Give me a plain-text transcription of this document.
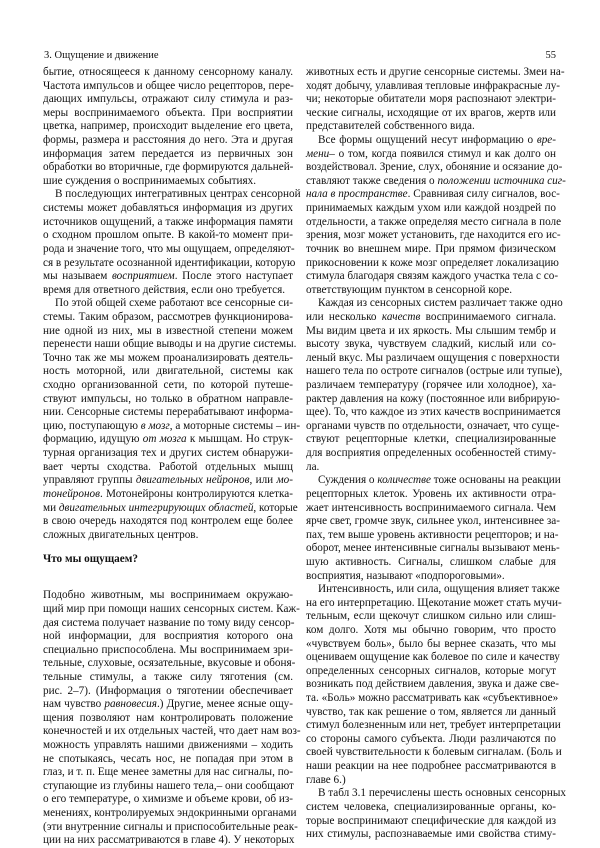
3. Ощущение и движение	55
бытие, относящееся к данному сенсорному каналу.
Частота импульсов и общее число рецепторов, пере-
дающих импульсы, отражают силу стимула и раз-
меры воспринимаемого объекта. При восприятии
цветка, например, происходит выделение его цвета,
формы, размера и расстояния до него. Эта и другая
информация затем передается из первичных зон
обработки во вторичные, где формируются дальней-
шие суждения о воспринимаемых событиях.
В последующих интегративных центрах сенсорной
системы может добавляться информация из других
источников ощущений, а также информация памяти
о сходном прошлом опыте. В какой-то момент при-
рода и значение того, что мы ощущаем, определяют-
ся в результате осознанной идентификации, которую
мы называем восприятием. После этого наступает
время для ответного действия, если оно требуется.
По этой общей схеме работают все сенсорные си-
стемы. Таким образом, рассмотрев функционирова-
ние одной из них, мы в известной степени можем
перенести наши общие выводы и на другие системы.
Точно так же мы можем проанализировать деятель-
ность моторной, или двигательной, системы как
сходно организованной сети, по которой путеше-
ствуют импульсы, но только в обратном направле-
нии. Сенсорные системы перерабатывают информа-
цию, поступающую в мозг, а моторные системы – ин-
формацию, идущую от мозга к мышцам. Но струк-
турная организация тех и других систем обнаружи-
вает черты сходства. Работой отдельных мышц
управляют группы двигательных нейронов, или мо-
тонейронов. Мотонейроны контролируются клетка-
ми двигательных интегрирующих областей, которые
в свою очередь находятся под контролем еще более
сложных двигательных центров.
Что мы ощущаем?
Подобно животным, мы воспринимаем окружаю-
щий мир при помощи наших сенсорных систем. Каж-
дая система получает название по тому виду сенсор-
ной информации, для восприятия которого она
специально приспособлена. Мы воспринимаем зри-
тельные, слуховые, осязательные, вкусовые и обоня-
тельные стимулы, а также силу тяготения (см.
рис. 2–7). (Информация о тяготении обеспечивает
нам чувство равновесия.) Другие, менее ясные ощу-
щения позволяют нам контролировать положение
конечностей и их отдельных частей, что дает нам воз-
можность управлять нашими движениями – ходить
не спотыкаясь, чесать нос, не попадая при этом в
глаз, и т. п. Еще менее заметны для нас сигналы, по-
ступающие из глубины нашего тела,– они сообщают
о его температуре, о химизме и объеме крови, об из-
менениях, контролируемых эндокринными органами
(эти внутренние сигналы и приспособительные реак-
ции на них рассматриваются в главе 4). У некоторых
животных есть и другие сенсорные системы. Змеи на-
ходят добычу, улавливая тепловые инфракрасные лу-
чи; некоторые обитатели моря распознают электри-
ческие сигналы, исходящие от их врагов, жертв или
представителей собственного вида.
Все формы ощущений несут информацию о вре-
мени– о том, когда появился стимул и как долго он
воздействовал. Зрение, слух, обоняние и осязание до-
ставляют также сведения о положении источника сиг-
нала в пространстве. Сравнивая силу сигналов, вос-
принимаемых каждым ухом или каждой ноздрей по
отдельности, а также определяя место сигнала в поле
зрения, мозг может установить, где находится его ис-
точник во внешнем мире. При прямом физическом
прикосновении к коже мозг определяет локализацию
стимула благодаря связям каждого участка тела с со-
ответствующим пунктом в сенсорной коре.
Каждая из сенсорных систем различает также одно
или несколько качеств воспринимаемого сигнала.
Мы видим цвета и их яркость. Мы слышим тембр и
высоту звука, чувствуем сладкий, кислый или со-
леный вкус. Мы различаем ощущения с поверхности
нашего тела по остроте сигналов (острые или тупые),
различаем температуру (горячее или холодное), ха-
рактер давления на кожу (постоянное или вибрирую-
щее). То, что каждое из этих качеств воспринимается
органами чувств по отдельности, означает, что суще-
ствуют рецепторные клетки, специализированные
для восприятия определенных особенностей стиму-
ла.
Суждения о количестве тоже основаны на реакции
рецепторных клеток. Уровень их активности отра-
жает интенсивность воспринимаемого сигнала. Чем
ярче свет, громче звук, сильнее укол, интенсивнее за-
пах, тем выше уровень активности рецепторов; и на-
оборот, менее интенсивные сигналы вызывают мень-
шую активность. Сигналы, слишком слабые для
восприятия, называют «подпороговыми».
Интенсивность, или сила, ощущения влияет также
на его интерпретацию. Щекотание может стать мучи-
тельным, если щекочут слишком сильно или слиш-
ком долго. Хотя мы обычно говорим, что просто
«чувствуем боль», было бы вернее сказать, что мы
оцениваем ощущение как болевое по силе и качеству
определенных сенсорных сигналов, которые могут
возникать под действием давления, звука и даже све-
та. «Боль» можно рассматривать как «субъективное»
чувство, так как решение о том, является ли данный
стимул болезненным или нет, требует интерпретации
со стороны самого субъекта. Люди различаются по
своей чувствительности к болевым сигналам. (Боль и
наши реакции на нее подробнее рассматриваются в
главе 6.)
В табл 3.1 перечислены шесть основных сенсорных
систем человека, специализированные органы, ко-
торые воспринимают специфические для каждой из
них стимулы, распознаваемые ими свойства стиму-
